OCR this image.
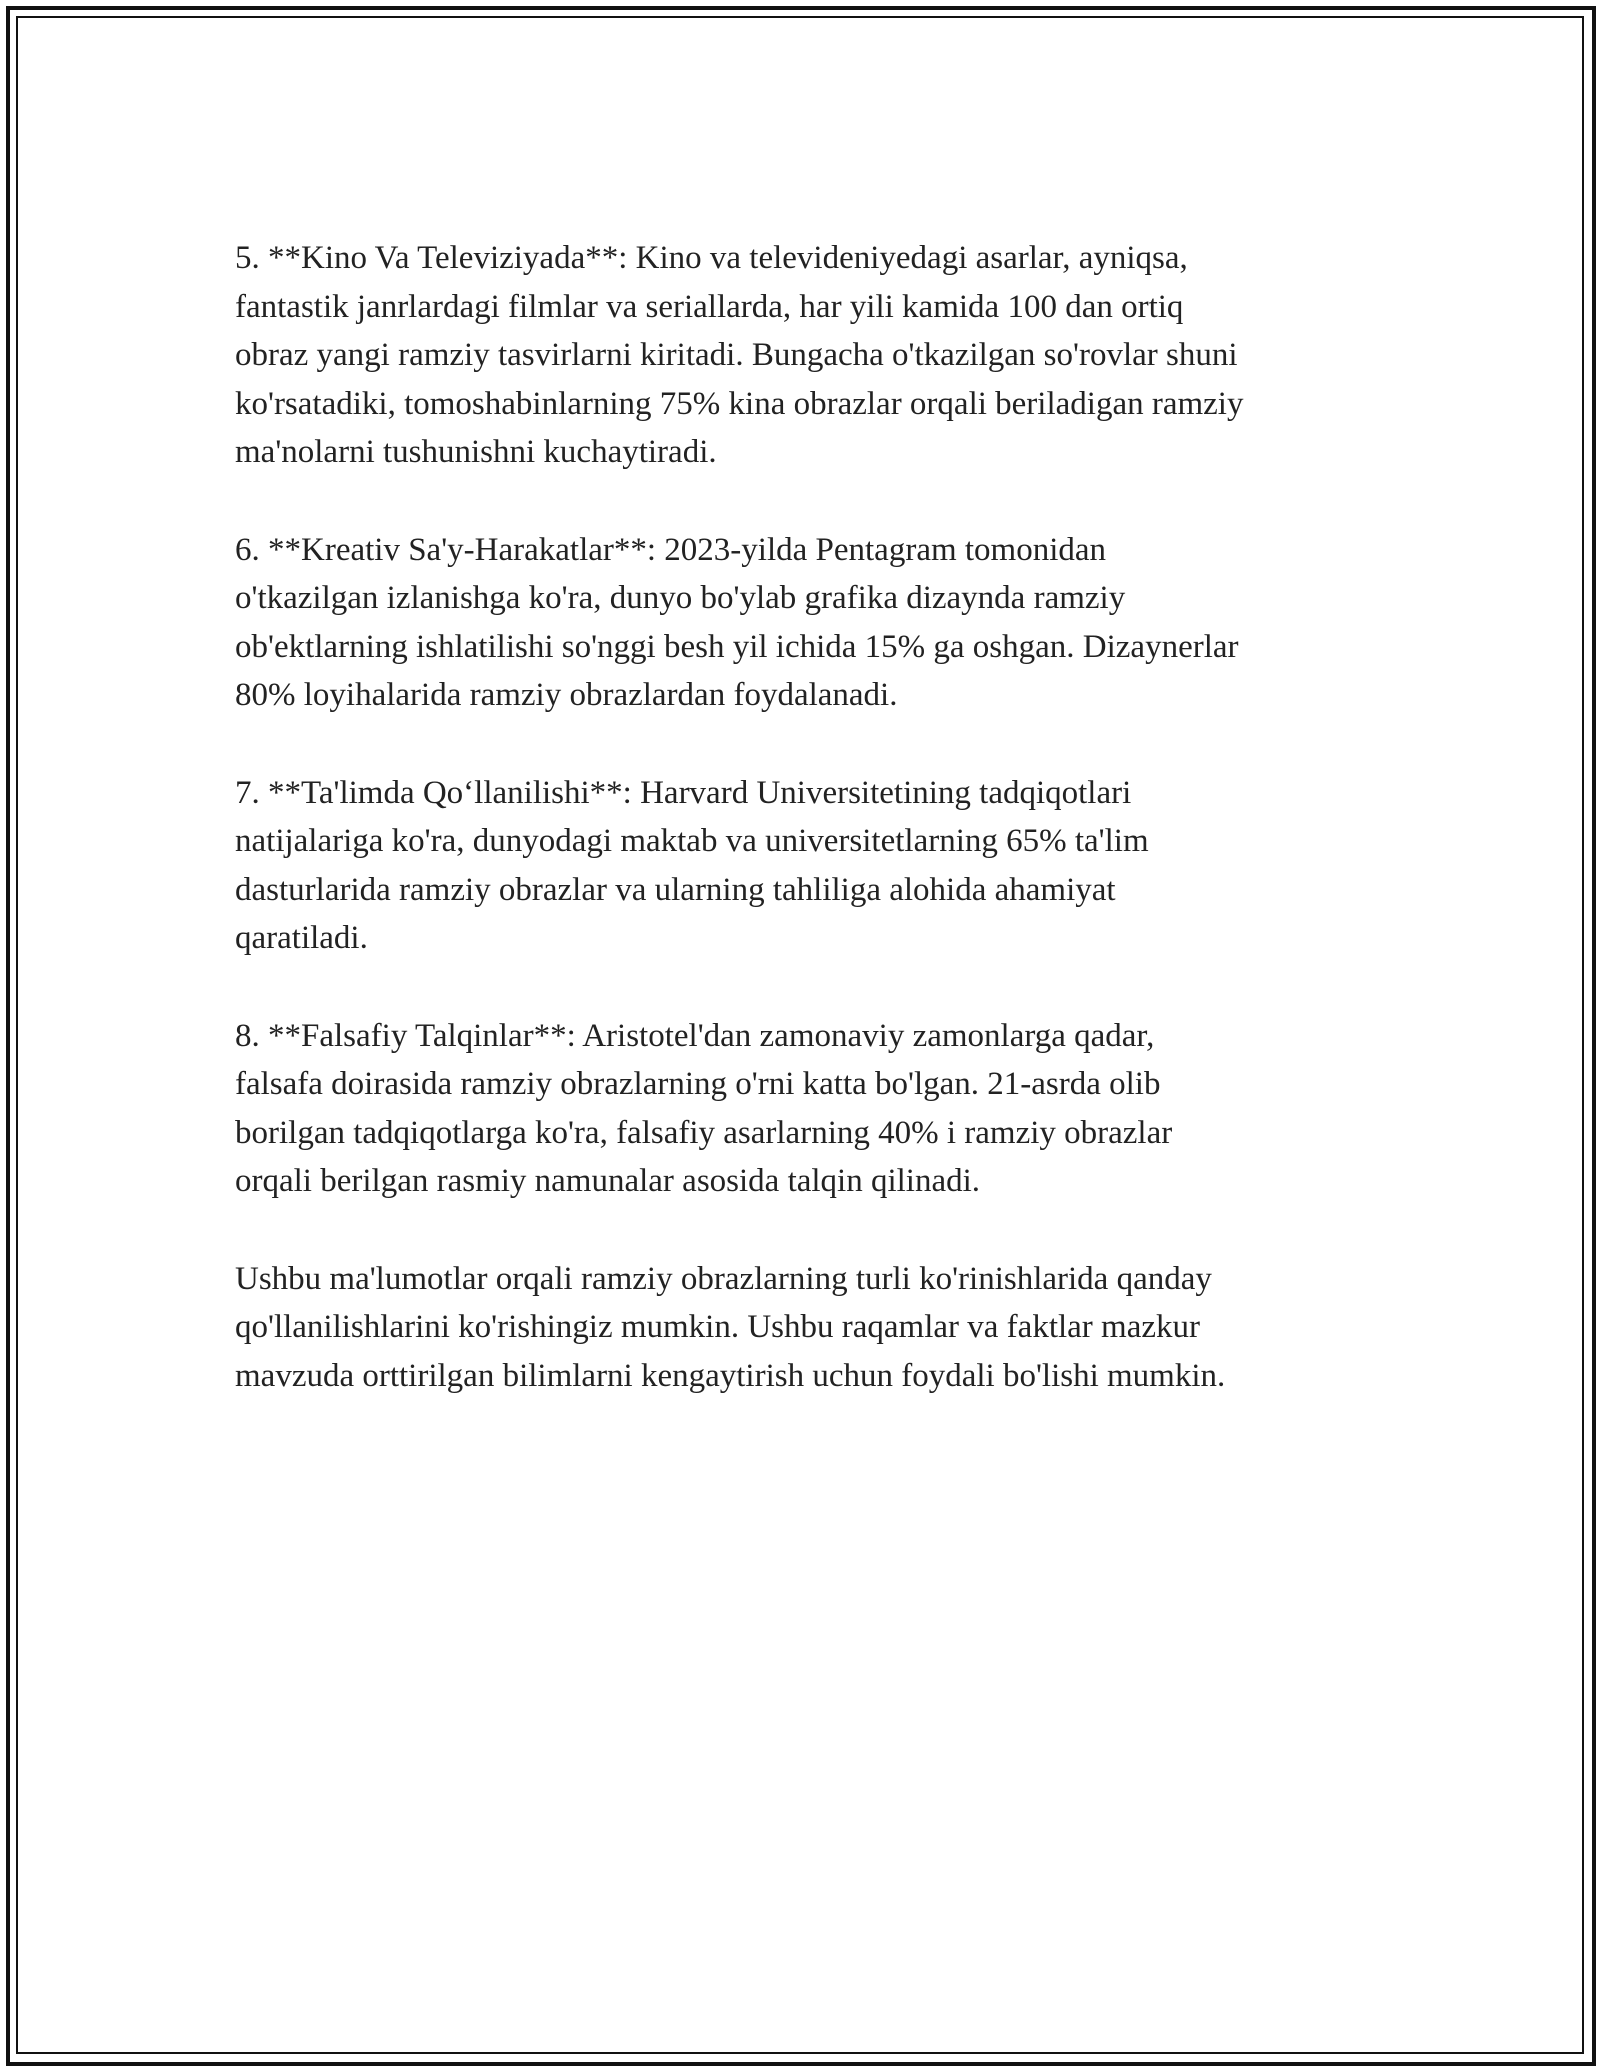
5. **Kino Va Televiziyada**: Kino va televideniyedagi asarlar, ayniqsa,
fantastik janrlardagi filmlar va seriallarda, har yili kamida 100 dan ortiq
obraz yangi ramziy tasvirlarni kiritadi. Bungacha o'tkazilgan so'rovlar shuni
ko'rsatadiki, tomoshabinlarning 75% kina obrazlar orqali beriladigan ramziy
ma'nolarni tushunishni kuchaytiradi.

6. **Kreativ Sa'y-Harakatlar**: 2023-yilda Pentagram tomonidan
o'tkazilgan izlanishga ko'ra, dunyo bo'ylab grafika dizaynda ramziy
ob'ektlarning ishlatilishi so'nggi besh yil ichida 15% ga oshgan. Dizaynerlar
80% loyihalarida ramziy obrazlardan foydalanadi.

7. **Ta'limda Qo‘llanilishi**: Harvard Universitetining tadqiqotlari
natijalariga ko'ra, dunyodagi maktab va universitetlarning 65% ta'lim
dasturlarida ramziy obrazlar va ularning tahliliga alohida ahamiyat
qaratiladi.

8. **Falsafiy Talqinlar**: Aristotel'dan zamonaviy zamonlarga qadar,
falsafa doirasida ramziy obrazlarning o'rni katta bo'lgan. 21-asrda olib
borilgan tadqiqotlarga ko'ra, falsafiy asarlarning 40% i ramziy obrazlar
orqali berilgan rasmiy namunalar asosida talqin qilinadi.

Ushbu ma'lumotlar orqali ramziy obrazlarning turli ko'rinishlarida qanday
qo'llanilishlarini ko'rishingiz mumkin. Ushbu raqamlar va faktlar mazkur
mavzuda orttirilgan bilimlarni kengaytirish uchun foydali bo'lishi mumkin.
